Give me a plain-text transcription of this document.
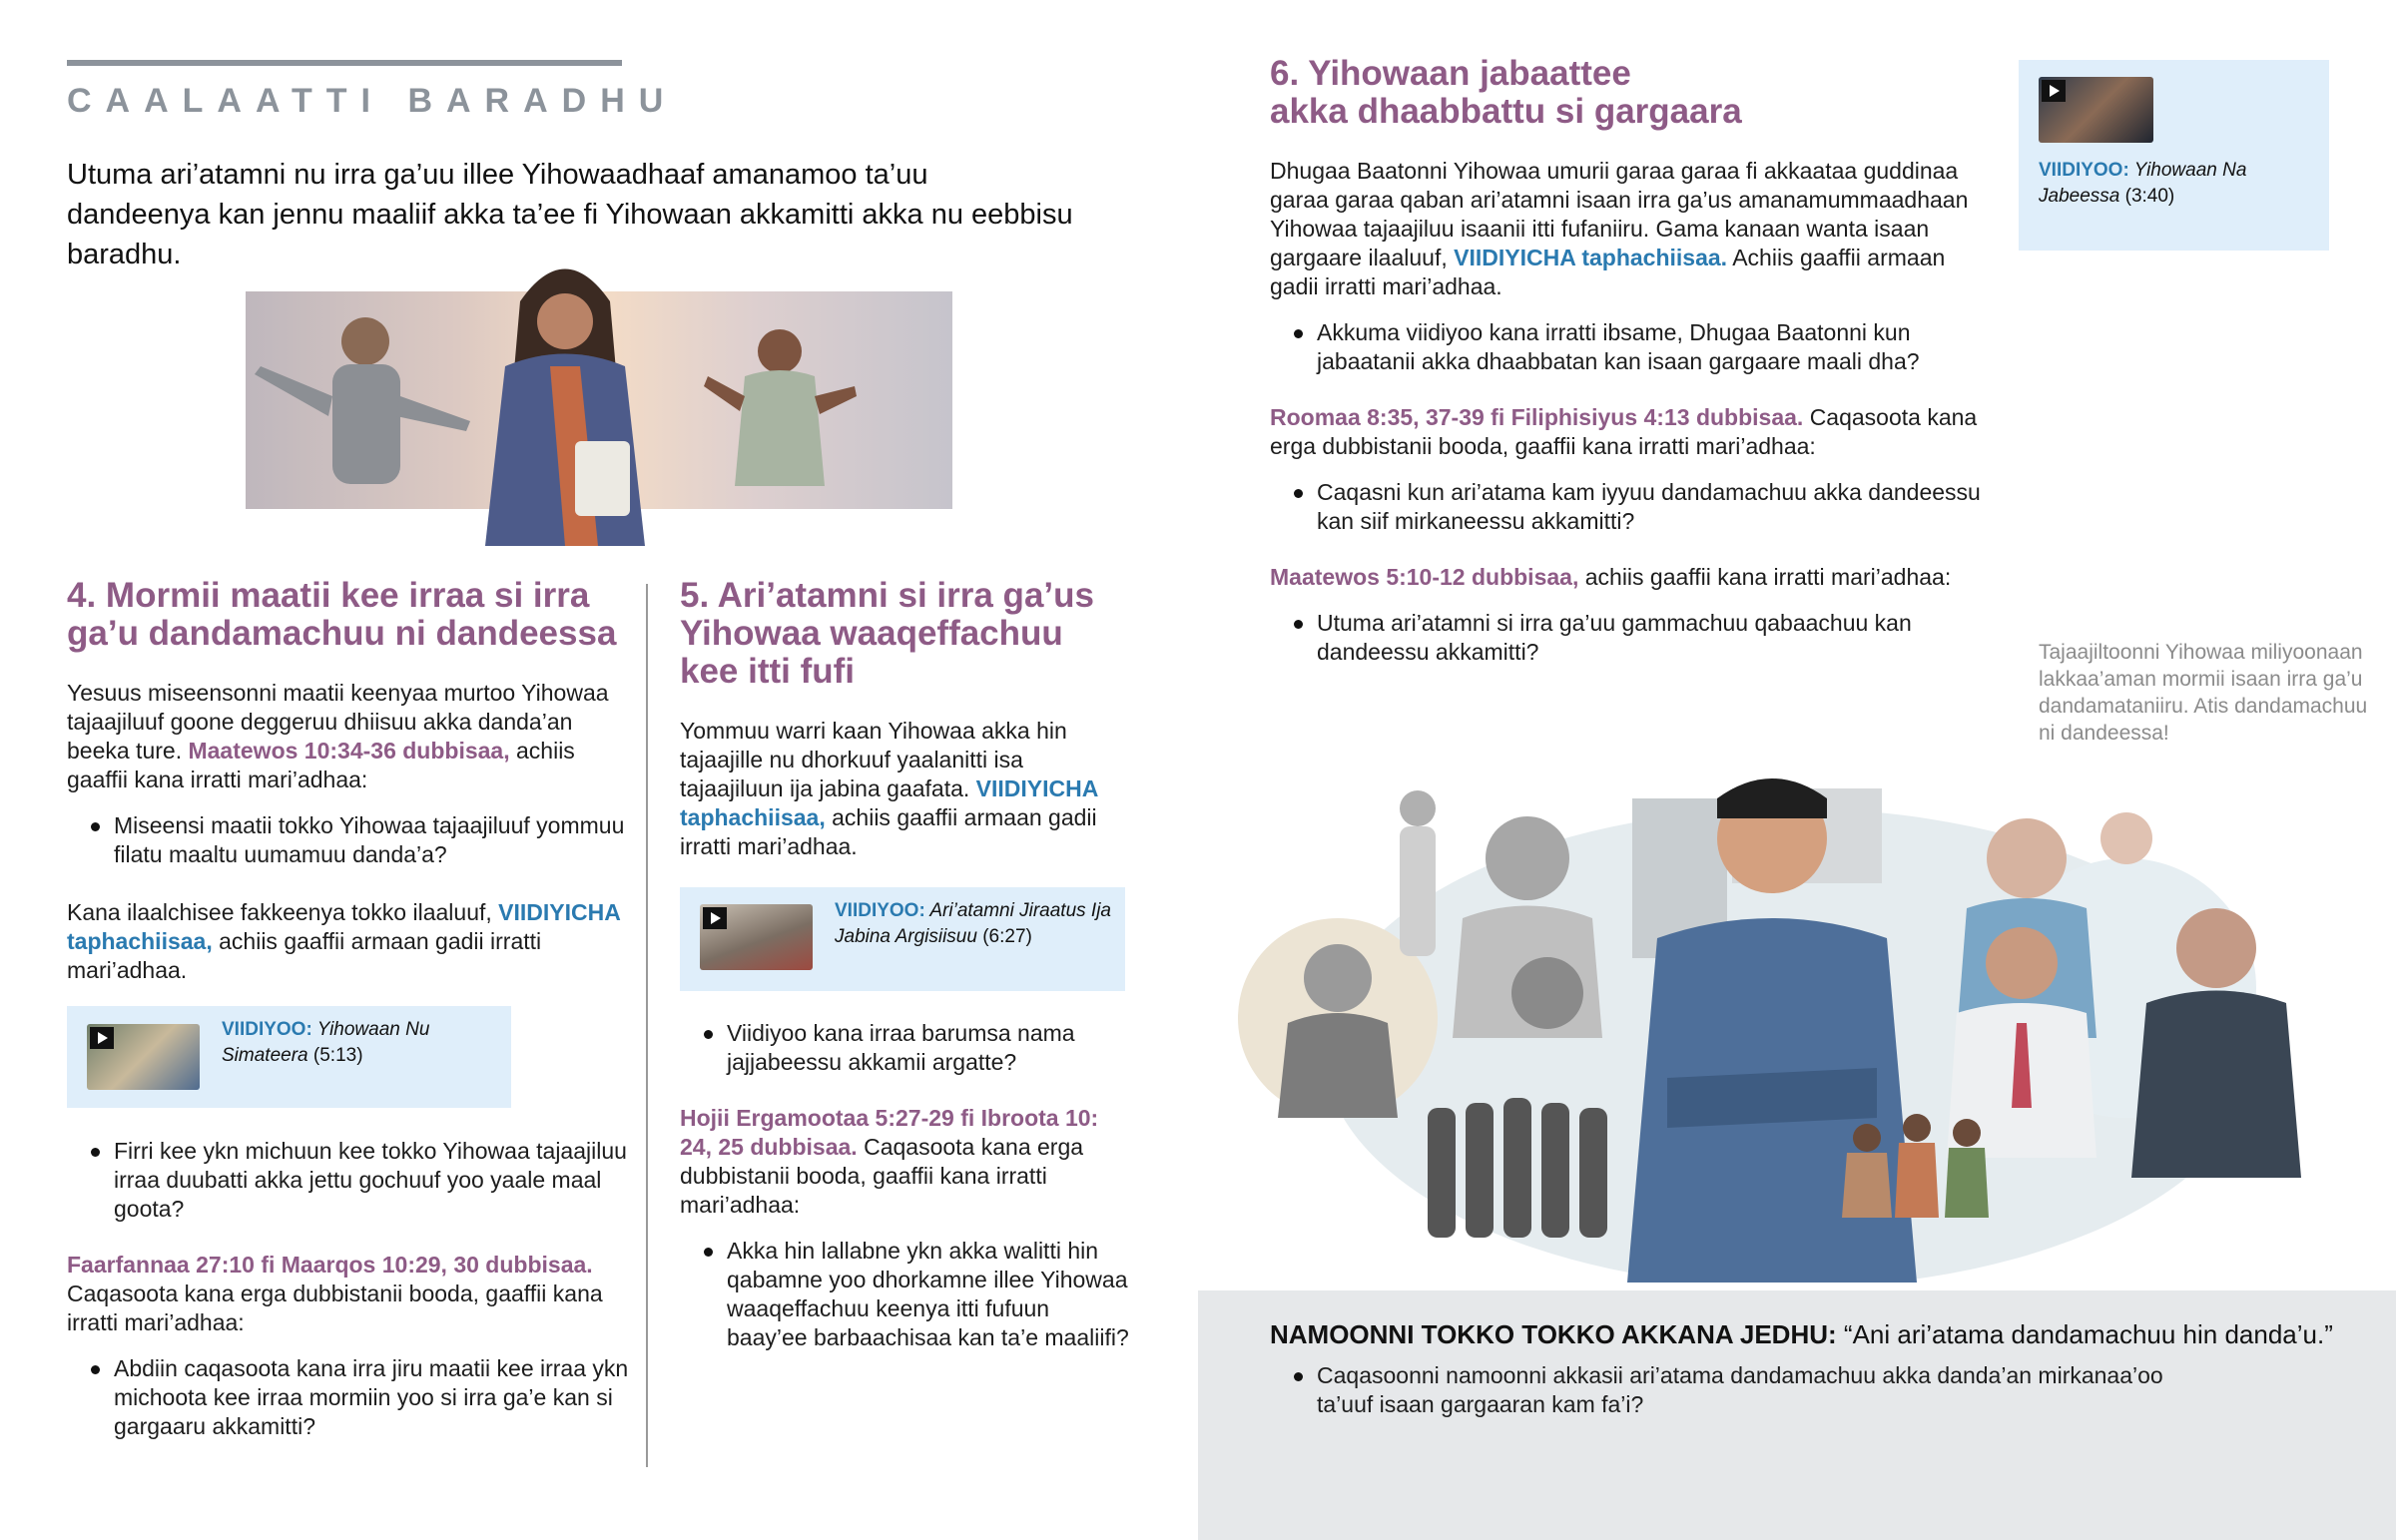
CAALAATTI BARADHU
Utuma ari’atamni nu irra ga’uu illee Yihowaadhaaf amanamoo ta’uu dandeenya kan jennu maaliif akka ta’ee fi Yihowaan akkamitti akka nu eebbisu baradhu.
4. Mormii maatii kee irraa si irra
ga’u dandamachuu ni dandeessa

Yesuus miseensonni maatii keenyaa murtoo Yihowaa tajaajiluuf goone deggeruu dhiisuu akka danda’an beeka ture. Maatewos 10:34-36 dubbisaa, achiis gaaffii kana irratti mari’adhaa:

Miseensi maatii tokko Yihowaa tajaajiluuf yommuu filatu maaltu uumamuu danda’a?

Kana ilaalchisee fakkeenya tokko ilaaluuf, VIIDIYICHA taphachiisaa, achiis gaaffii armaan gadii irratti mari’adhaa.

VIIDIYOO: Yihowaan Nu Simateera (5:13)
Firri kee ykn michuun kee tokko Yihowaa tajaajiluu irraa duubatti akka jettu gochuuf yoo yaale maal goota?

Faarfannaa 27:10 fi Maarqos 10:29, 30 dubbisaa. Caqasoota kana erga dubbistanii booda, gaaffii kana irratti mari’adhaa:

Abdiin caqasoota kana irra jiru maatii kee irraa ykn michoota kee irraa mormiin yoo si irra ga’e kan si gargaaru akkamitti?
5. Ari’atamni si irra ga’us
Yihowaa waaqeffachuu
kee itti fufi

Yommuu warri kaan Yihowaa akka hin tajaajille nu dhorkuuf yaalanitti isa tajaajiluun ija jabina gaafata. VIIDIYICHA taphachiisaa, achiis gaaffii armaan gadii irratti mari’adhaa.

VIIDIYOO: Ari’atamni Jiraatus Ija Jabina Argisiisuu (6:27)
Viidiyoo kana irraa barumsa nama jajjabeessu akkamii argatte?

Hojii Ergamootaa 5:27-29 fi Ibroota 10: 24, 25 dubbisaa. Caqasoota kana erga dubbistanii booda, gaaffii kana irratti mari’adhaa:

Akka hin lallabne ykn akka walitti hin qabamne yoo dhorkamne illee Yihowaa waaqeffachuu keenya itti fufuun baay’ee barbaachisaa kan ta’e maaliifi?
6. Yihowaan jabaattee
akka dhaabbattu si gargaara

Dhugaa Baatonni Yihowaa umurii garaa garaa fi akkaataa guddinaa garaa garaa qaban ari’atamni isaan irra ga’us amanamummaadhaan Yihowaa tajaajiluu isaanii itti fufaniiru. Gama kanaan wanta isaan gargaare ilaaluuf, VIIDIYICHA taphachiisaa. Achiis gaaffii armaan gadii irratti mari’adhaa.

Akkuma viidiyoo kana irratti ibsame, Dhugaa Baatonni kun jabaatanii akka dhaabbatan kan isaan gargaare maali dha?

Roomaa 8:35, 37-39 fi Filiphisiyus 4:13 dubbisaa. Caqasoota kana erga dubbistanii booda, gaaffii kana irratti mari’adhaa:

Caqasni kun ari’atama kam iyyuu dandamachuu akka dandeessu kan siif mirkaneessu akkamitti?

Maatewos 5:10-12 dubbisaa, achiis gaaffii kana irratti mari’adhaa:

Utuma ari’atamni si irra ga’uu gammachuu qabaachuu kan dandeessu akkamitti?
VIIDIYOO: Yihowaan Na Jabeessa (3:40)
Tajaajiltoonni Yihowaa miliyoonaan lakkaa’aman mormii isaan irra ga’u dandamataniiru. Atis dandamachuu ni dandeessa!
NAMOONNI TOKKO TOKKO AKKANA JEDHU: “Ani ari’atama dandamachuu hin danda’u.”
Caqasoonni namoonni akkasii ari’atama dandamachuu akka danda’an mirkanaa’oo ta’uuf isaan gargaaran kam fa’i?
